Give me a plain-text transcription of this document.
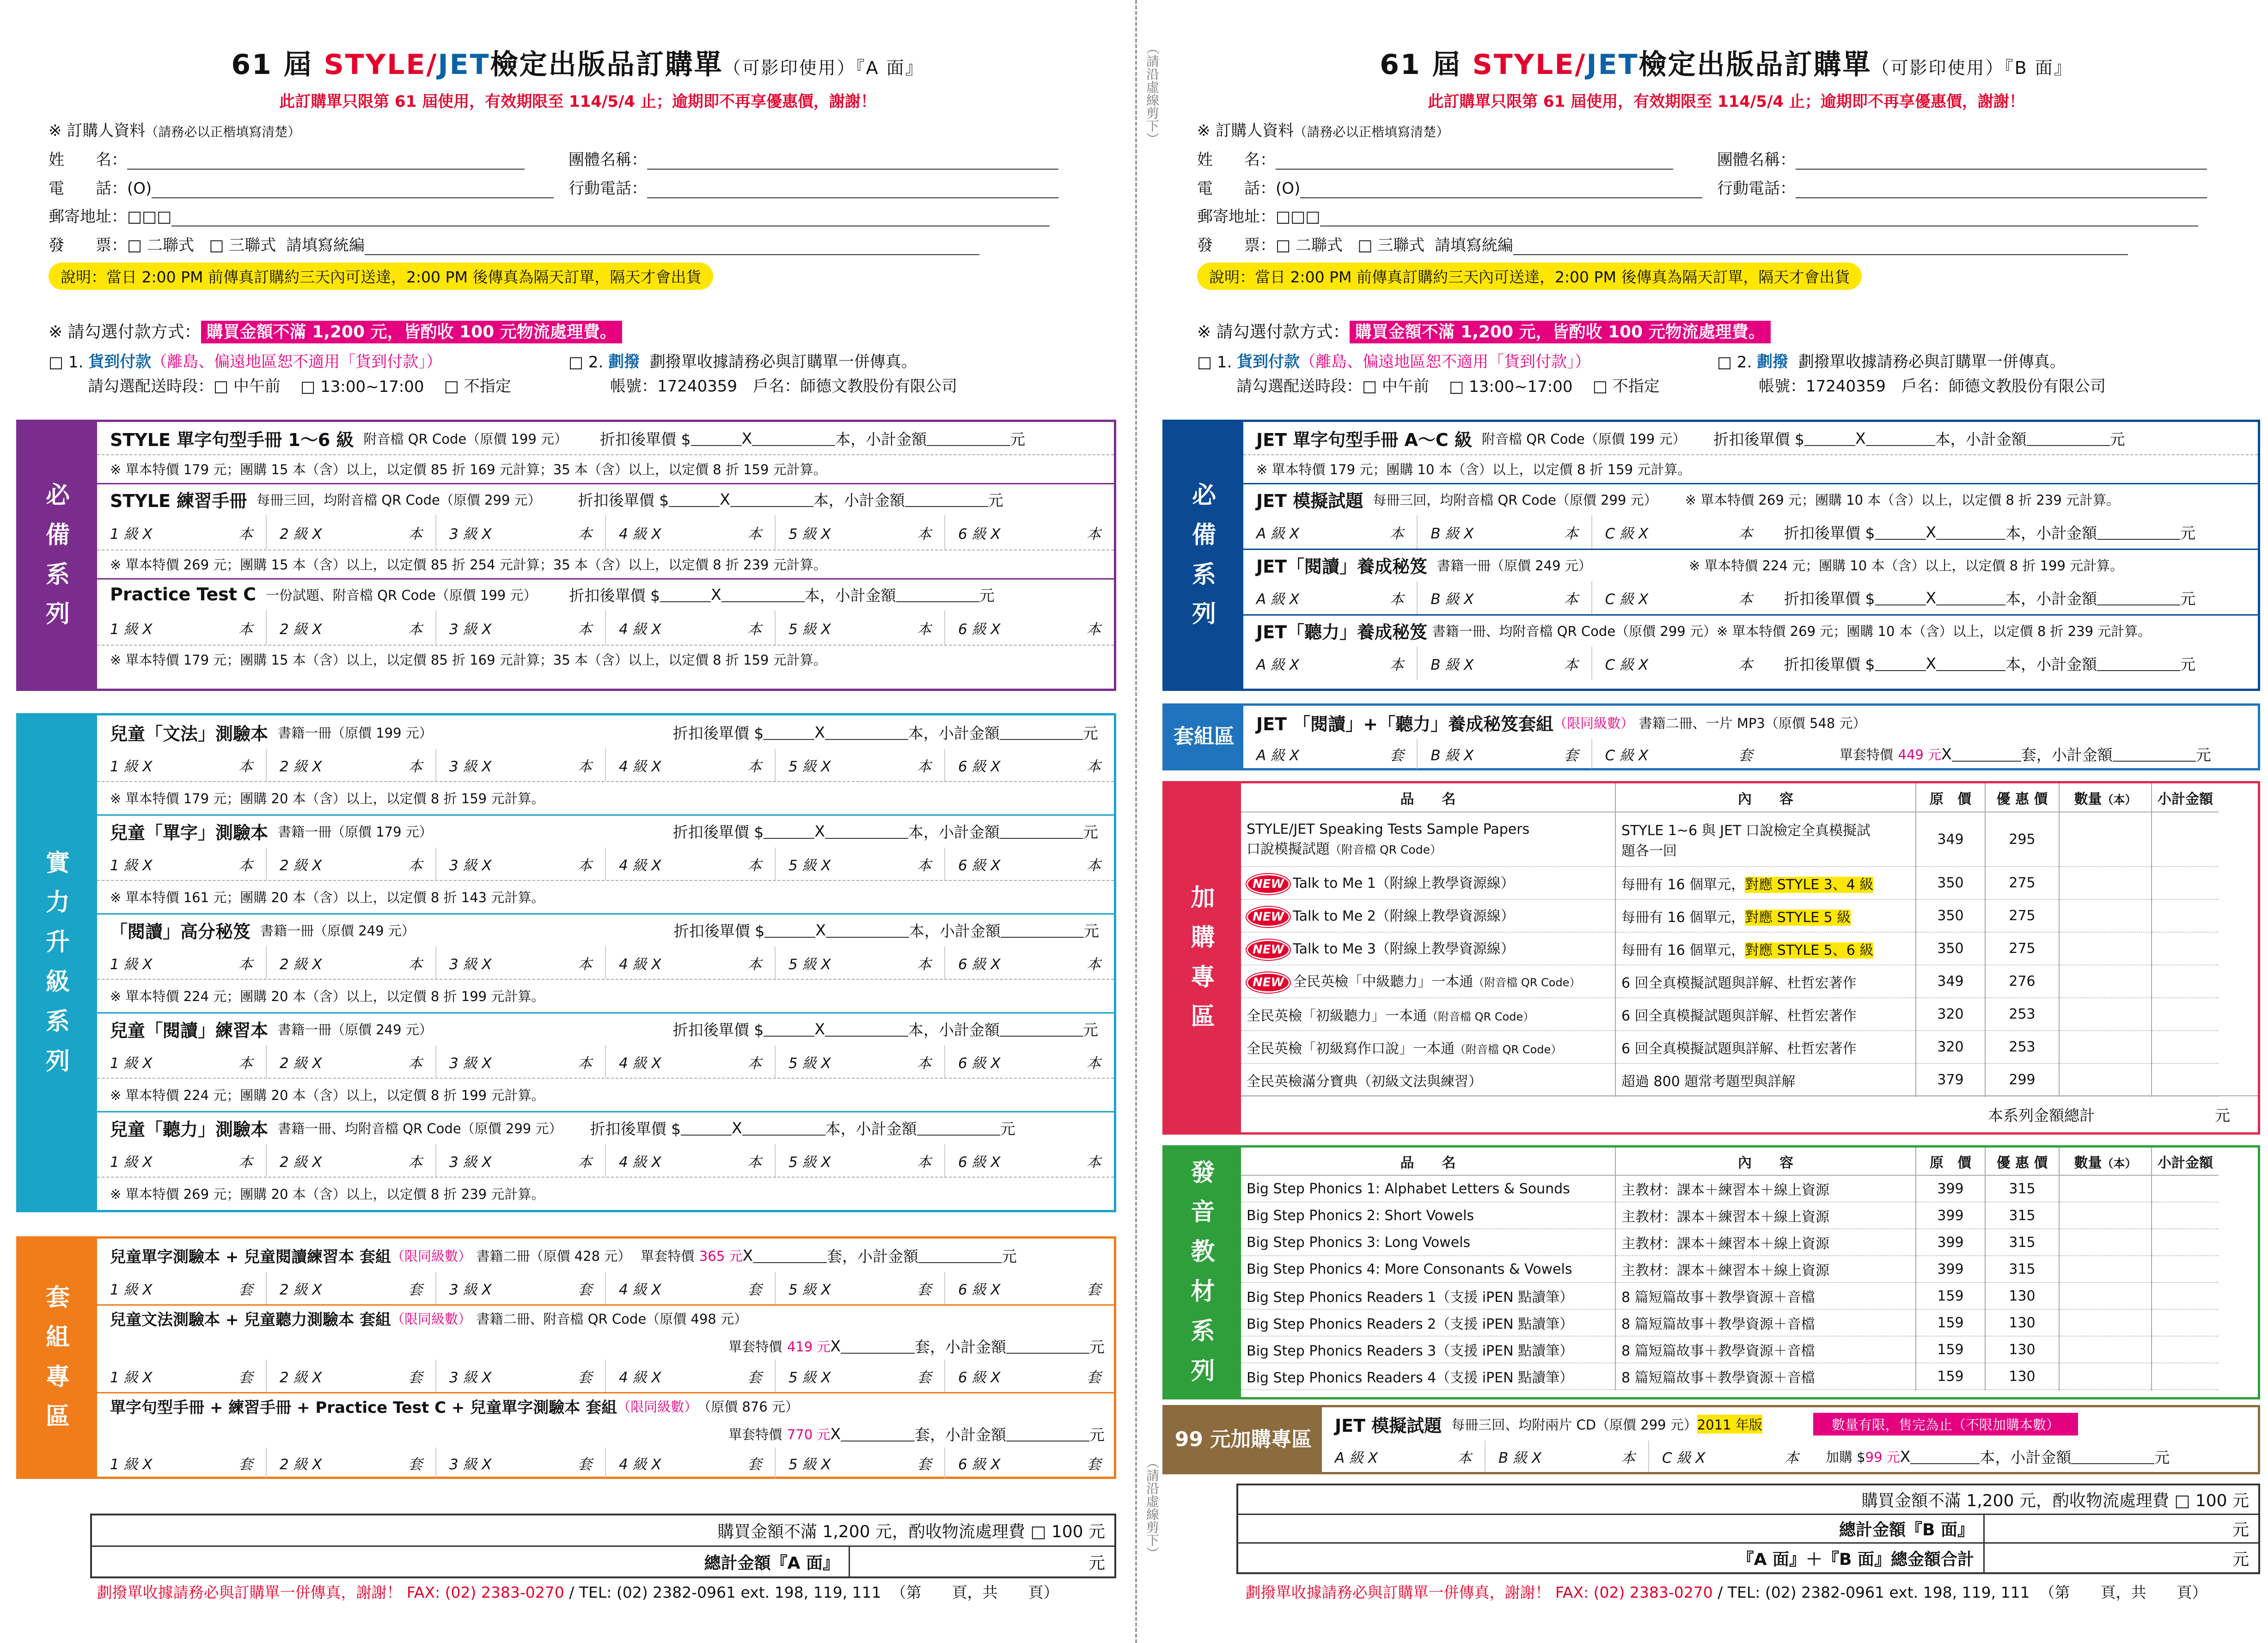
61 屆 STYLE/JET檢定出版品訂購單（可影印使用）『A 面』
此訂購單只限第 61 屆使用，有效期限至 114/5/4 止；逾期即不再享優惠價，謝謝！
※ 訂購人資料 （請務必以正楷填寫清楚）
姓　　名：	團體名稱：
電　　話：(O)	行動電話：
郵寄地址：□□□
發　　票： □ 二聯式
□ 三聯式
請填寫統編
說明：當日 2:00 PM 前傳真訂購約三天內可送達，2:00 PM 後傳真為隔天訂單，隔天才會出貨
※ 請勾選付款方式： 購買金額不滿 1,200 元，皆酌收 100 元物流處理費。
□ 1.
貨到付款 （離島、偏遠地區恕不適用「貨到付款」）	□ 2.
劃撥
劃撥單收據請務必與訂購單一併傳真。
請勾選配送時段： □ 中午前
□ 13:00~17:00
□ 不指定	帳號：17240359　戶名：師德文教股份有限公司
必
備
系
列
STYLE 單字句型手冊 1～6 級
附音檔 QR Code（原價 199 元） 折扣後單價 $	X	本，小計金額	元
※ 單本特價 179 元；團購 15 本（含）以上，以定價 85 折 169 元計算；35 本（含）以上，以定價 8 折 159 元計算。
STYLE 練習手冊
每冊三回，均附音檔 QR Code（原價 299 元） 折扣後單價 $	X	本，小計金額	元
1 級 X	本 2 級 X	本 3 級 X	本 4 級 X	本 5 級 X	本 6 級 X	本
※ 單本特價 269 元；團購 15 本（含）以上，以定價 85 折 254 元計算；35 本（含）以上，以定價 8 折 239 元計算。
Practice Test C
一份試題、附音檔 QR Code（原價 199 元） 折扣後單價 $	X	本，小計金額	元
1 級 X	本 2 級 X	本 3 級 X	本 4 級 X	本 5 級 X	本 6 級 X	本
※ 單本特價 179 元；團購 15 本（含）以上，以定價 85 折 169 元計算；35 本（含）以上，以定價 8 折 159 元計算。
實
力
升
級
系
列
兒童「文法」測驗本
書籍一冊（原價 199 元）	折扣後單價 $	X	本，小計金額	元
1 級 X	本 2 級 X	本 3 級 X	本 4 級 X	本 5 級 X	本 6 級 X	本
※ 單本特價 179 元；團購 20 本（含）以上，以定價 8 折 159 元計算。
兒童「單字」測驗本
書籍一冊（原價 179 元）	折扣後單價 $	X	本，小計金額	元
1 級 X	本 2 級 X	本 3 級 X	本 4 級 X	本 5 級 X	本 6 級 X	本
※ 單本特價 161 元；團購 20 本（含）以上，以定價 8 折 143 元計算。
「閱讀」高分秘笈
書籍一冊（原價 249 元）	折扣後單價 $	X	本，小計金額	元
1 級 X	本 2 級 X	本 3 級 X	本 4 級 X	本 5 級 X	本 6 級 X	本
※ 單本特價 224 元；團購 20 本（含）以上，以定價 8 折 199 元計算。
兒童「閱讀」練習本
書籍一冊（原價 249 元）	折扣後單價 $	X	本，小計金額	元
1 級 X	本 2 級 X	本 3 級 X	本 4 級 X	本 5 級 X	本 6 級 X	本
※ 單本特價 224 元；團購 20 本（含）以上，以定價 8 折 199 元計算。
兒童「聽力」測驗本
書籍一冊、均附音檔 QR Code（原價 299 元） 折扣後單價 $	X	本，小計金額	元
1 級 X	本 2 級 X	本 3 級 X	本 4 級 X	本 5 級 X	本 6 級 X	本
※ 單本特價 269 元；團購 20 本（含）以上，以定價 8 折 239 元計算。
套
組
專
區
兒童單字測驗本 + 兒童閱讀練習本 套組 （限同級數）
書籍二冊（原價 428 元）
單套特價
365 元 X	套，小計金額	元
1 級 X	套 2 級 X	套 3 級 X	套 4 級 X	套 5 級 X	套 6 級 X	套
兒童文法測驗本 + 兒童聽力測驗本 套組 （限同級數）
書籍二冊、附音檔 QR Code（原價 498 元）
單套特價
419 元 X	套，小計金額	元
1 級 X	套 2 級 X	套 3 級 X	套 4 級 X	套 5 級 X	套 6 級 X	套
單字句型手冊 + 練習手冊 + Practice Test C + 兒童單字測驗本 套組 （限同級數） （原價 876 元）
單套特價
770 元 X	套，小計金額	元
1 級 X	套 2 級 X	套 3 級 X	套 4 級 X	套 5 級 X	套 6 級 X	套
購買金額不滿 1,200 元，酌收物流處理費 □ 100 元
總計金額『A 面』	元
劃撥單收據請務必與訂購單一併傳真，謝謝！ FAX: (02) 2383-0270 / TEL: (02) 2382-0961 ext. 198, 119, 111 （第　　頁，共　　頁）
（請沿虛線剪下）
（請沿虛線剪下）
61 屆 STYLE/JET檢定出版品訂購單（可影印使用）『B 面』
此訂購單只限第 61 屆使用，有效期限至 114/5/4 止；逾期即不再享優惠價，謝謝！
※ 訂購人資料 （請務必以正楷填寫清楚）
姓　　名：	團體名稱：
電　　話：(O)	行動電話：
郵寄地址：□□□
發　　票： □ 二聯式
□ 三聯式
請填寫統編
說明：當日 2:00 PM 前傳真訂購約三天內可送達，2:00 PM 後傳真為隔天訂單，隔天才會出貨
※ 請勾選付款方式： 購買金額不滿 1,200 元，皆酌收 100 元物流處理費。
□ 1.
貨到付款 （離島、偏遠地區恕不適用「貨到付款」）	□ 2.
劃撥
劃撥單收據請務必與訂購單一併傳真。
請勾選配送時段： □ 中午前
□ 13:00~17:00
□ 不指定	帳號：17240359　戶名：師德文教股份有限公司
必
備
系
列
JET 單字句型手冊 A～C 級
附音檔 QR Code（原價 199 元） 折扣後單價 $	X	本，小計金額	元
※ 單本特價 179 元；團購 10 本（含）以上，以定價 8 折 159 元計算。
JET 模擬試題
每冊三回，均附音檔 QR Code（原價 299 元） ※ 單本特價 269 元；團購 10 本（含）以上，以定價 8 折 239 元計算。
A 級 X	本 B 級 X	本 C 級 X	本 折扣後單價 $	X	本，小計金額	元
JET「閱讀」養成秘笈
書籍一冊（原價 249 元）	※ 單本特價 224 元；團購 10 本（含）以上，以定價 8 折 199 元計算。
A 級 X	本 B 級 X	本 C 級 X	本 折扣後單價 $	X	本，小計金額	元
JET「聽力」養成秘笈
書籍一冊、均附音檔 QR Code（原價 299 元） ※ 單本特價 269 元；團購 10 本（含）以上，以定價 8 折 239 元計算。
A 級 X	本 B 級 X	本 C 級 X	本 折扣後單價 $	X	本，小計金額	元
套組區
JET 「閱讀」+「聽力」養成秘笈套組 （限同級數）
書籍二冊、一片 MP3（原價 548 元）
A 級 X	套 B 級 X	套 C 級 X	套	單套特價
449 元 X	套，小計金額	元
加
購
專
區
品　　名	內　　容	原　價	優 惠 價	數量（本）	小計金額
STYLE/JET Speaking Tests Sample Papers
口說模擬試題（附音檔 QR Code）	STYLE 1~6 與 JET 口說檢定全真模擬試
題各一回	349	295		
NEW Talk to Me 1（附線上教學資源線）	每冊有 16 個單元，對應 STYLE 3、4 級	350	275		
NEW Talk to Me 2（附線上教學資源線）	每冊有 16 個單元，對應 STYLE 5 級	350	275		
NEW Talk to Me 3（附線上教學資源線）	每冊有 16 個單元，對應 STYLE 5、6 級	350	275		
NEW 全民英檢「中級聽力」一本通（附音檔 QR Code）	6 回全真模擬試題與詳解、杜哲宏著作	349	276		
全民英檢「初級聽力」一本通（附音檔 QR Code）	6 回全真模擬試題與詳解、杜哲宏著作	320	253		
全民英檢「初級寫作口說」一本通（附音檔 QR Code）	6 回全真模擬試題與詳解、杜哲宏著作	320	253		
全民英檢滿分寶典（初級文法與練習）	超過 800 題常考題型與詳解	379	299		
本系列金額總計	元
發
音
教
材
系
列
品　　名	內　　容	原　價	優 惠 價	數量（本）	小計金額
Big Step Phonics 1: Alphabet Letters & Sounds	主教材：課本＋練習本＋線上資源	399	315		
Big Step Phonics 2: Short Vowels	主教材：課本＋練習本＋線上資源	399	315		
Big Step Phonics 3: Long Vowels	主教材：課本＋練習本＋線上資源	399	315		
Big Step Phonics 4: More Consonants & Vowels	主教材：課本＋練習本＋線上資源	399	315		
Big Step Phonics Readers 1（支援 iPEN 點讀筆）	8 篇短篇故事＋教學資源＋音檔	159	130		
Big Step Phonics Readers 2（支援 iPEN 點讀筆）	8 篇短篇故事＋教學資源＋音檔	159	130		
Big Step Phonics Readers 3（支援 iPEN 點讀筆）	8 篇短篇故事＋教學資源＋音檔	159	130		
Big Step Phonics Readers 4（支援 iPEN 點讀筆）	8 篇短篇故事＋教學資源＋音檔	159	130		
99 元加購專區
JET 模擬試題
每冊三回、均附兩片 CD（原價 299 元） 2011 年版	數量有限，售完為止（不限加購本數）
A 級 X	本 B 級 X	本 C 級 X	本 加購 $ 99 元 X	本，小計金額	元
購買金額不滿 1,200 元，酌收物流處理費 □ 100 元
總計金額『B 面』	元
『A 面』＋『B 面』總金額合計	元
劃撥單收據請務必與訂購單一併傳真，謝謝！ FAX: (02) 2383-0270 / TEL: (02) 2382-0961 ext. 198, 119, 111 （第　　頁，共　　頁）
